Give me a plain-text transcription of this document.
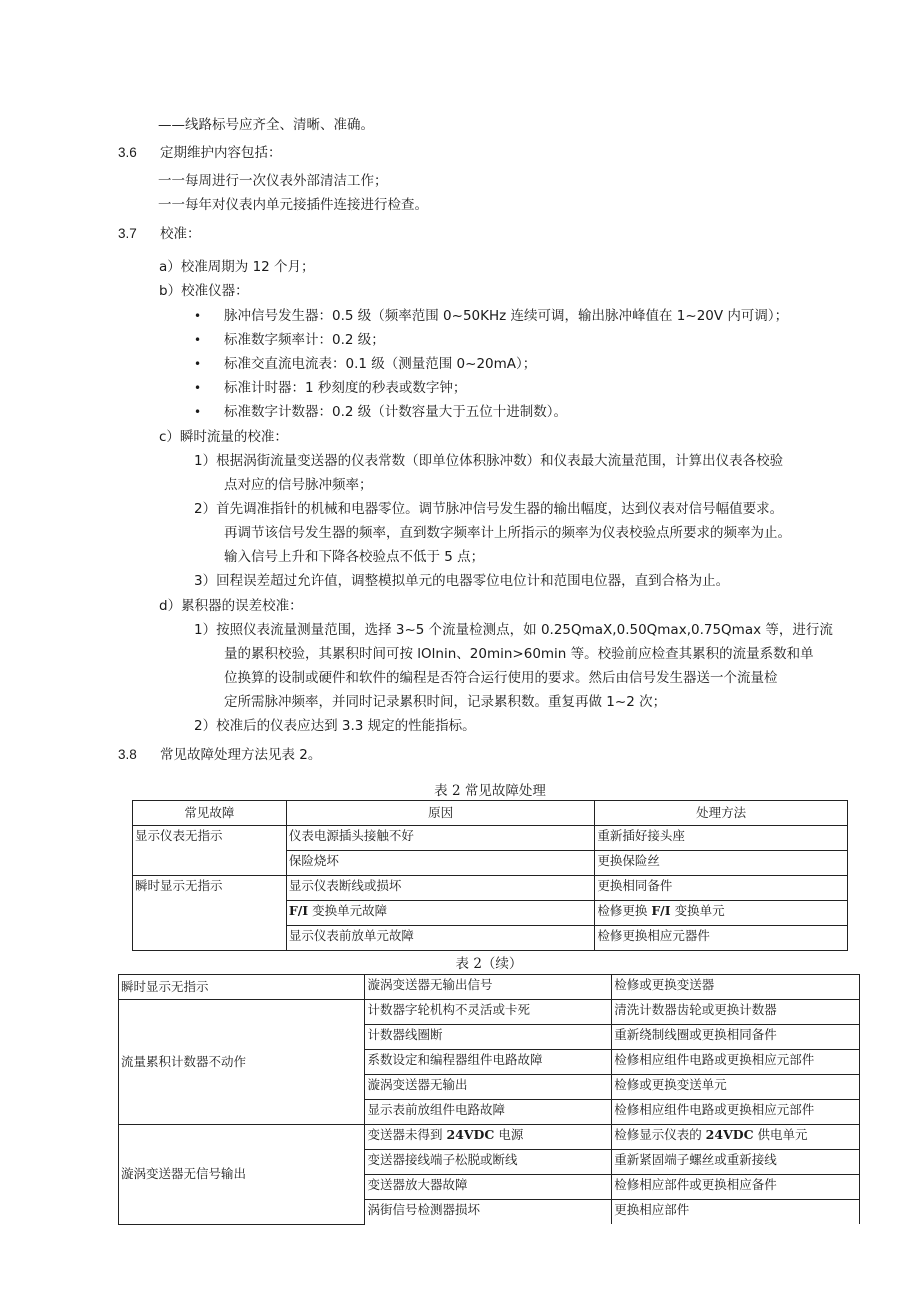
——线路标号应齐全、清晰、准确。
3.6 定期维护内容包括：
一一每周进行一次仪表外部清洁工作；
一一每年对仪表内单元接插件连接进行检查。
3.7 校准：
a）校准周期为 12 个月；
b）校准仪器：
• 脉冲信号发生器：0.5 级（频率范围 0~50KHz 连续可调，输出脉冲峰值在 1~20V 内可调）；
• 标准数字频率计：0.2 级；
• 标准交直流电流表：0.1 级（测量范围 0~20mA）；
• 标准计时器：1 秒刻度的秒表或数字钟；
• 标准数字计数器：0.2 级（计数容量大于五位十进制数）。
c）瞬时流量的校准：
1）根据涡街流量变送器的仪表常数（即单位体积脉冲数）和仪表最大流量范围，计算出仪表各校验
点对应的信号脉冲频率；
2）首先调准指针的机械和电器零位。调节脉冲信号发生器的输出幅度，达到仪表对信号幅值要求。
再调节该信号发生器的频率，直到数字频率计上所指示的频率为仪表校验点所要求的频率为止。
输入信号上升和下降各校验点不低于 5 点；
3）回程误差超过允许值，调整模拟单元的电器零位电位计和范围电位器，直到合格为止。
d）累积器的误差校准：
1）按照仪表流量测量范围，选择 3~5 个流量检测点，如 0.25QmaX,0.50Qmax,0.75Qmax 等，进行流
量的累积校验，其累积时间可按 lOlnin、20min>60min 等。校验前应检查其累积的流量系数和单
位换算的设制或硬件和软件的编程是否符合运行使用的要求。然后由信号发生器送一个流量检
定所需脉冲频率，并同时记录累积时间，记录累积数。重复再做 1~2 次；
2）校准后的仪表应达到 3.3 规定的性能指标。
3.8 常见故障处理方法见表 2。
表 2 常见故障处理
常见故障	原因	处理方法
显示仪表无指示	仪表电源插头接触不好	重新插好接头座
	保险烧坏	更换保险丝
瞬时显示无指示	显示仪表断线或损坏	更换相同备件
	F/I 变换单元故障	检修更换 F/I 变换单元
	显示仪表前放单元故障	检修更换相应元器件
表 2（续）
瞬时显示无指示	漩涡变送器无输出信号	检修或更换变送器
流量累积计数器不动作	计数器字轮机构不灵活或卡死	清洗计数器齿轮或更换计数器
	计数器线圈断	重新绕制线圈或更换相同备件
	系数设定和编程器组件电路故障	检修相应组件电路或更换相应元部件
	漩涡变送器无输出	检修或更换变送单元
	显示表前放组件电路故障	检修相应组件电路或更换相应元部件
漩涡变送器无信号输出	变送器未得到 24VDC 电源	检修显示仪表的 24VDC 供电单元
	变送器接线端子松脱或断线	重新紧固端子螺丝或重新接线
	变送器放大器故障	检修相应部件或更换相应备件
	涡街信号检测器损坏	更换相应部件
